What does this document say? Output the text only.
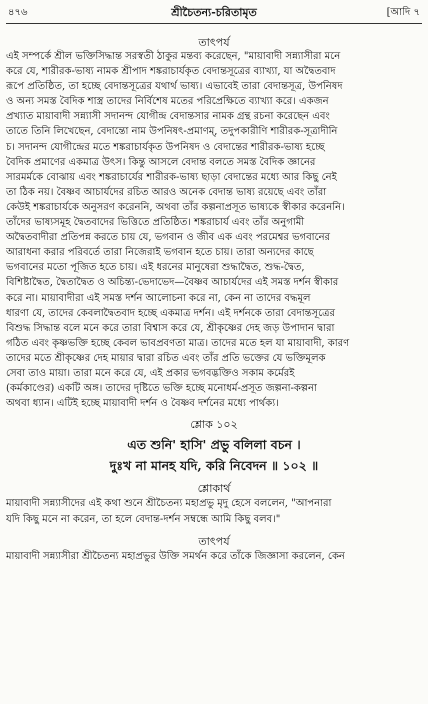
৪৭৬	শ্রীচৈতন্য-চরিতামৃত	[আদি ৭
তাৎপর্য
এই সম্পর্কে শ্রীল ভক্তিসিদ্ধান্ত সরস্বতী ঠাকুর মন্তব্য করেছেন, "মায়াবাদী সন্ন্যাসীরা মনে
করে যে, শারীরক-ভাষ্য নামক শ্রীপাদ শঙ্করাচার্যকৃত বেদান্তসূত্রের ব্যাখ্যা, যা অদ্বৈতবাদ
রূপে প্রতিষ্ঠিত, তা হচ্ছে বেদান্তসূত্রের যথার্থ ভাষ্য। এভাবেই তারা বেদান্তসূত্র, উপনিষদ
ও অন্য সমস্ত বৈদিক শাস্ত্র তাদের নির্বিশেষ মতের পরিপ্রেক্ষিতে ব্যাখ্যা করে। একজন
প্রখ্যাত মায়াবাদী সন্ন্যাসী সদানন্দ যোগীন্দ্র বেদান্তসার নামক গ্রন্থ রচনা করেছেন এবং
তাতে তিনি লিখেছেন, বেদান্তো নাম উপনিষৎ-প্রমাণম্, তদুপকারীণি শারীরক-সূত্রাদীনি
চ। সদানন্দ যোগীন্দ্রের মতে শঙ্করাচার্যকৃত উপনিষদ ও বেদান্তের শারীরক-ভাষ্য হচ্ছে
বৈদিক প্রমাণের একমাত্র উৎস। কিন্তু আসলে বেদান্ত বলতে সমস্ত বৈদিক জ্ঞানের
সারমর্মকে বোঝায় এবং শঙ্করাচার্যের শারীরক-ভাষ্য ছাড়া বেদান্তের মধ্যে আর কিছু নেই
তা ঠিক নয়। বৈষ্ণব আচার্যদের রচিত আরও অনেক বেদান্ত ভাষ্য রয়েছে এবং তাঁরা
কেউই শঙ্করাচার্যকে অনুসরণ করেননি, অথবা তাঁর কল্পনাপ্রসূত ভাষ্যকে স্বীকার করেননি।
তাঁদের ভাষ্যসমূহ দ্বৈতবাদের ভিত্তিতে প্রতিষ্ঠিত। শঙ্করাচার্য এবং তাঁর অনুগামী
অদ্বৈতবাদীরা প্রতিপন্ন করতে চায় যে, ভগবান ও জীব এক এবং পরমেশ্বর ভগবানের
আরাধনা করার পরিবর্তে তারা নিজেরাই ভগবান হতে চায়। তারা অন্যদের কাছে
ভগবানের মতো পূজিত হতে চায়। এই ধরনের মানুষেরা শুদ্ধাদ্বৈত, শুদ্ধ-দ্বৈত,
বিশিষ্টাদ্বৈত, দ্বৈতাদ্বৈত ও অচিন্ত্য-ভেদাভেদ—বৈষ্ণব আচার্যদের এই সমস্ত দর্শন স্বীকার
করে না। মায়াবাদীরা এই সমস্ত দর্শন আলোচনা করে না, কেন না তাদের বদ্ধমূল
ধারণা যে, তাদের কেবলাদ্বৈতবাদ হচ্ছে একমাত্র দর্শন। এই দর্শনকে তারা বেদান্তসূত্রের
বিশুদ্ধ সিদ্ধান্ত বলে মনে করে তারা বিশ্বাস করে যে, শ্রীকৃষ্ণের দেহ জড় উপাদান দ্বারা
গঠিত এবং কৃষ্ণভক্তি হচ্ছে কেবল ভাবপ্রবণতা মাত্র। তাদের মতে হল যা মায়াবাদী, কারণ
তাদের মতে শ্রীকৃষ্ণের দেহ মায়ার দ্বারা রচিত এবং তাঁর প্রতি ভক্তের যে ভক্তিমূলক
সেবা তাও মায়া। তারা মনে করে যে, এই প্রকার ভগবদ্ভক্তিও সকাম কর্মেরই
(কর্মকাণ্ডের) একটি অঙ্গ। তাদের দৃষ্টিতে ভক্তি হচ্ছে মনোধর্ম-প্রসূত জল্পনা-কল্পনা
অথবা ধ্যান। এটিই হচ্ছে মায়াবাদী দর্শন ও বৈষ্ণব দর্শনের মধ্যে পার্থক্য।
শ্লোক ১০২
এত শুনি' হাসি' প্রভু বলিলা বচন ।
দুঃখ না মানহ যদি, করি নিবেদন ॥ ১০২ ॥
শ্লোকার্থ
মায়াবাদী সন্ন্যাসীদের এই কথা শুনে শ্রীচৈতন্য মহাপ্রভু মৃদু হেসে বললেন, "আপনারা
যদি কিছু মনে না করেন, তা হলে বেদান্ত-দর্শন সম্বন্ধে আমি কিছু বলব।"
তাৎপর্য
মায়াবাদী সন্ন্যাসীরা শ্রীচৈতন্য মহাপ্রভুর উক্তি সমর্থন করে তাঁকে জিজ্ঞাসা করলেন, কেন
